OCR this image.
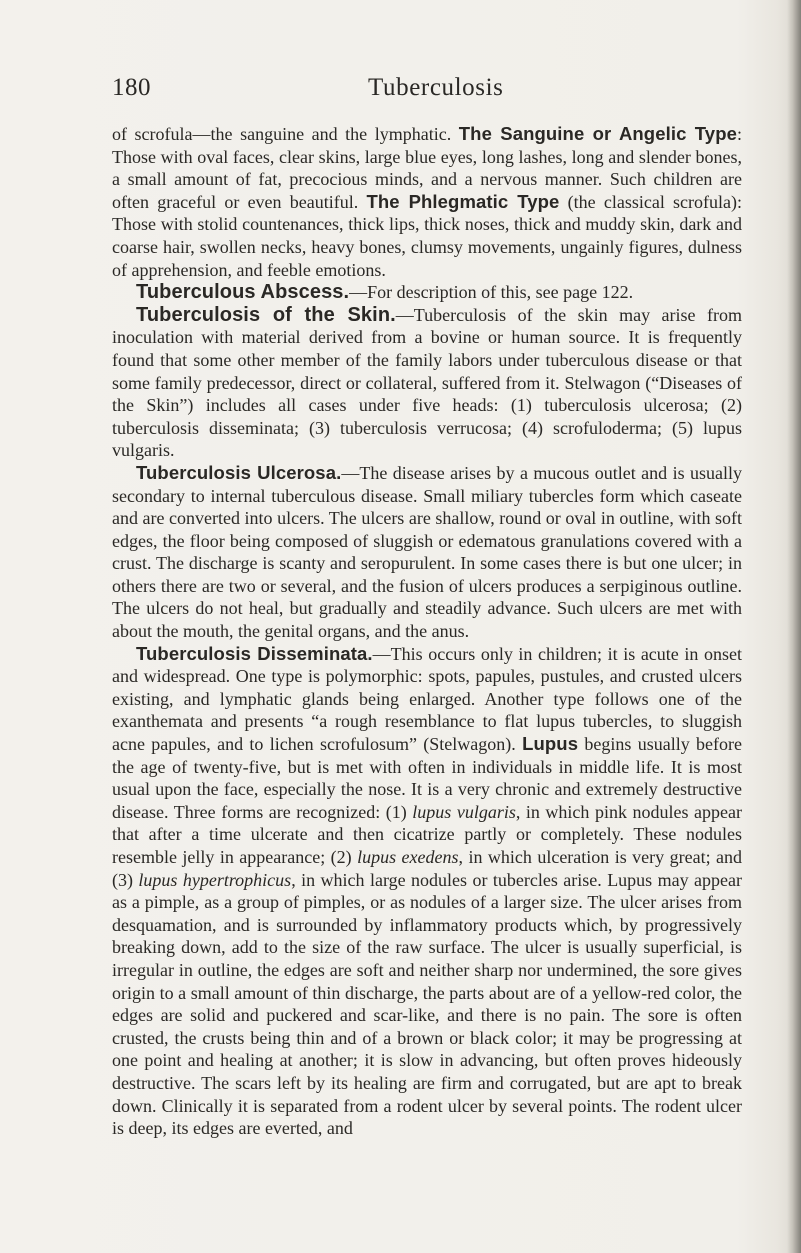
180	Tuberculosis

of scrofula—the sanguine and the lymphatic. The Sanguine or Angelic Type: Those with oval faces, clear skins, large blue eyes, long lashes, long and slender bones, a small amount of fat, precocious minds, and a nervous manner. Such children are often graceful or even beautiful. The Phlegmatic Type (the classical scrofula): Those with stolid countenances, thick lips, thick noses, thick and muddy skin, dark and coarse hair, swollen necks, heavy bones, clumsy movements, ungainly figures, dulness of apprehension, and feeble emotions.

Tuberculous Abscess.—For description of this, see page 122.

Tuberculosis of the Skin.—Tuberculosis of the skin may arise from inoculation with material derived from a bovine or human source. It is frequently found that some other member of the family labors under tuberculous disease or that some family predecessor, direct or collateral, suffered from it. Stelwagon (“Diseases of the Skin”) includes all cases under five heads: (1) tuberculosis ulcerosa; (2) tuberculosis disseminata; (3) tuberculosis verrucosa; (4) scrofuloderma; (5) lupus vulgaris.

Tuberculosis Ulcerosa.—The disease arises by a mucous outlet and is usually secondary to internal tuberculous disease. Small miliary tubercles form which caseate and are converted into ulcers. The ulcers are shallow, round or oval in outline, with soft edges, the floor being composed of sluggish or edematous granulations covered with a crust. The discharge is scanty and seropurulent. In some cases there is but one ulcer; in others there are two or several, and the fusion of ulcers produces a serpiginous outline. The ulcers do not heal, but gradually and steadily advance. Such ulcers are met with about the mouth, the genital organs, and the anus.

Tuberculosis Disseminata.—This occurs only in children; it is acute in onset and widespread. One type is polymorphic: spots, papules, pustules, and crusted ulcers existing, and lymphatic glands being enlarged. Another type follows one of the exanthemata and presents “a rough resemblance to flat lupus tubercles, to sluggish acne papules, and to lichen scrofulosum” (Stelwagon). Lupus begins usually before the age of twenty-five, but is met with often in individuals in middle life. It is most usual upon the face, especially the nose. It is a very chronic and extremely destructive disease. Three forms are recognized: (1) lupus vulgaris, in which pink nodules appear that after a time ulcerate and then cicatrize partly or completely. These nodules resemble jelly in appearance; (2) lupus exedens, in which ulceration is very great; and (3) lupus hypertrophicus, in which large nodules or tubercles arise. Lupus may appear as a pimple, as a group of pimples, or as nodules of a larger size. The ulcer arises from desquamation, and is surrounded by inflammatory products which, by progressively breaking down, add to the size of the raw surface. The ulcer is usually superficial, is irregular in outline, the edges are soft and neither sharp nor undermined, the sore gives origin to a small amount of thin discharge, the parts about are of a yellow-red color, the edges are solid and puckered and scar-like, and there is no pain. The sore is often crusted, the crusts being thin and of a brown or black color; it may be progressing at one point and healing at another; it is slow in advancing, but often proves hideously destructive. The scars left by its healing are firm and corrugated, but are apt to break down. Clinically it is separated from a rodent ulcer by several points. The rodent ulcer is deep, its edges are everted, and
